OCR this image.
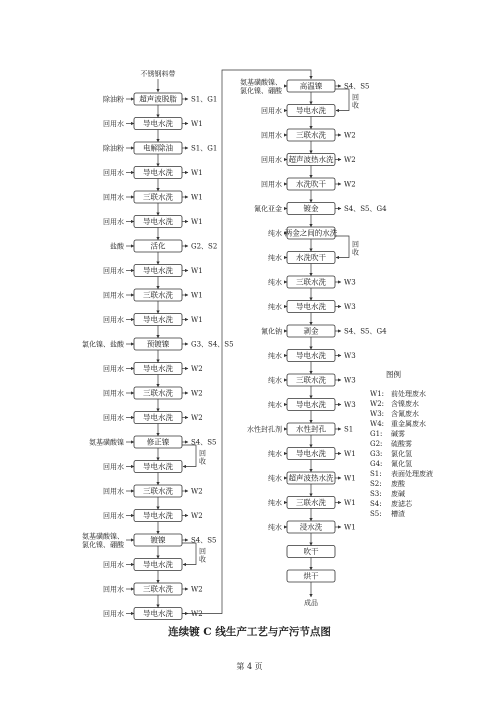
超声波脱脂
除油粉	S1、G1
导电水洗
回用水	W1
电解除油
除油粉	S1、G1
导电水洗
回用水	W1
三联水洗
回用水	W1
导电水洗
回用水	W1
活化
盐酸	G2、S2
导电水洗
回用水	W1
三联水洗
回用水	W1
导电水洗
回用水	W1
预镀镍
氯化镍、盐酸	G3、S4、S5
导电水洗
回用水	W2
三联水洗
回用水	W2
导电水洗
回用水	W2
修正镍
氨基磺酸镍	S4、S5
回
收
导电水洗
回用水
三联水洗
回用水	W2
导电水洗
回用水	W2
镀镍
氨基磺酸镍、
氯化镍、硼酸
S4、S5
回
收
导电水洗
回用水
三联水洗
回用水	W2
导电水洗
回用水	W2
高温镍
氨基磺酸镍、
氯化镍、硼酸
S4、S5
回
收
导电水洗
回用水
三联水洗
回用水	W2
超声波热水洗
回用水	W2
水洗吹干
回用水	W2
镀金
氰化亚金	S4、S5、G4
两金之间的水洗
纯水
回
收
水洗吹干
纯水
三联水洗
纯水	W3
导电水洗
纯水	W3
剥金
氰化钠	S4、S5、G4
导电水洗
纯水	W3
三联水洗
纯水	W3
导电水洗
纯水	W3
水性封孔
水性封孔剂	S1
导电水洗
纯水	W1
超声波热水洗
纯水	W1
三联水洗
纯水	W1
浸水洗
纯水	W1
吹干
烘干
不锈钢料带
成品
图例
W1: 前处理废水
W2: 含镍废水
W3: 含氰废水
W4: 重金属废水
G1: 碱雾
G2: 硫酸雾
G3: 氯化氢
G4: 氰化氢
S1: 表面处理废液
S2: 废酸
S3: 废碱
S4: 废滤芯
S5: 槽渣
连续镀 C 线生产工艺与产污节点图
第 4 页
